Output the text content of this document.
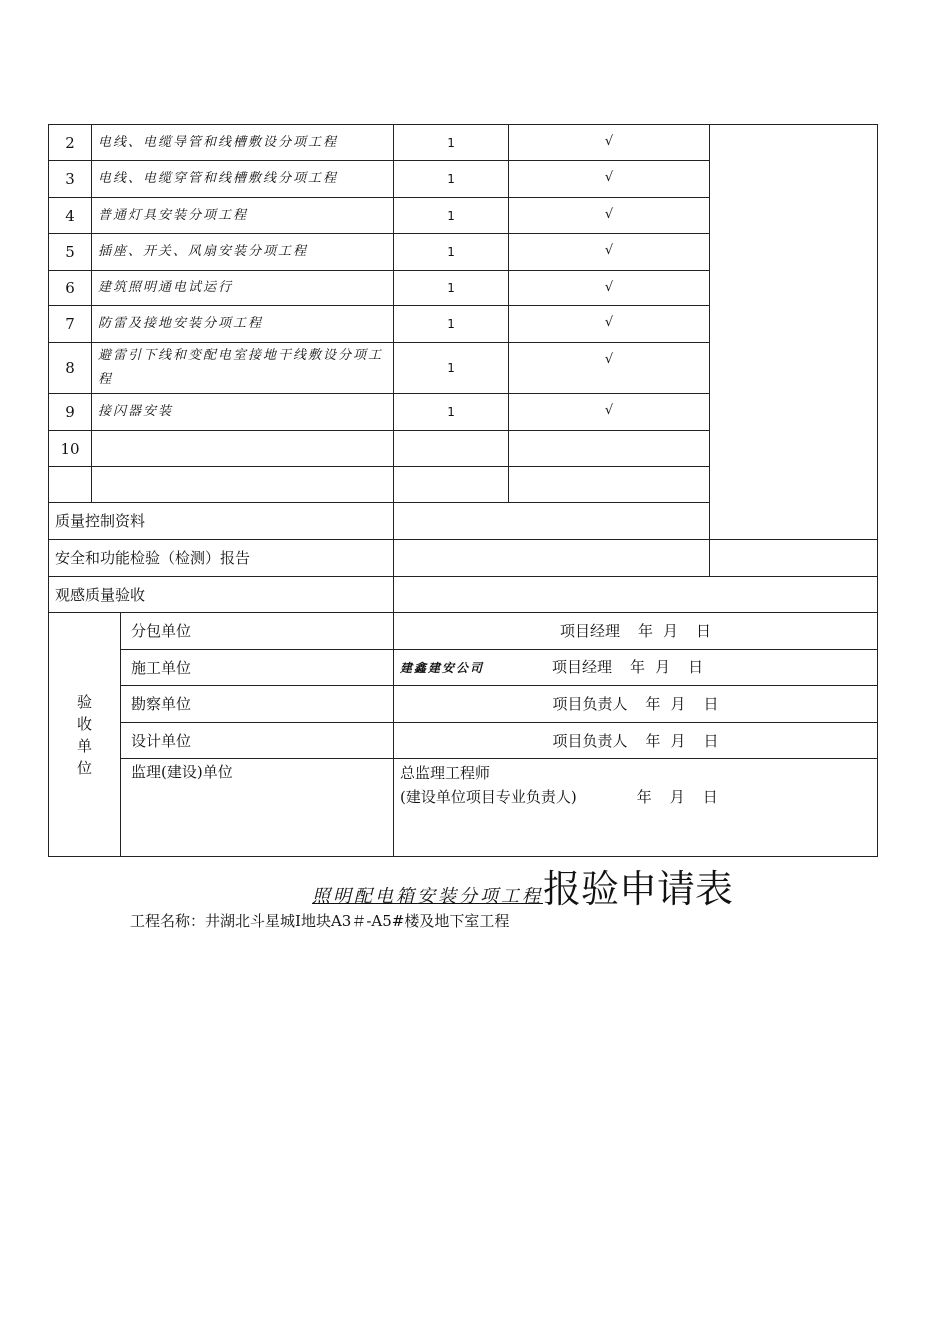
2	电线、电缆导管和线槽敷设分项工程		1	√	
3	电线、电缆穿管和线槽敷线分项工程		1	√	
4	普通灯具安装分项工程		1	√	
5	插座、开关、风扇安装分项工程		1	√	
6	建筑照明通电试运行		1	√	
7	防雷及接地安装分项工程		1	√	
8	避雷引下线和变配电室接地干线敷设分项工程		1	√	
9	接闪器安装		1	√	
10					

质量控制资料					
安全和功能检验（检测）报告					
观感质量验收					

验
收
单
位		分包单位	项目经理 年 月 日		
		施工单位	建鑫建安公司 项目经理 年 月 日		
		勘察单位	项目负责人 年 月 日		
		设计单位	项目负责人 年 月 日		
		监理(建设)单位	总监理工程师
(建设单位项目专业负责人) 年 月 日		
照明配电箱安装分项工程报验申请表
工程名称：井湖北斗星城Ⅰ地块A3＃-A5#楼及地下室工程
